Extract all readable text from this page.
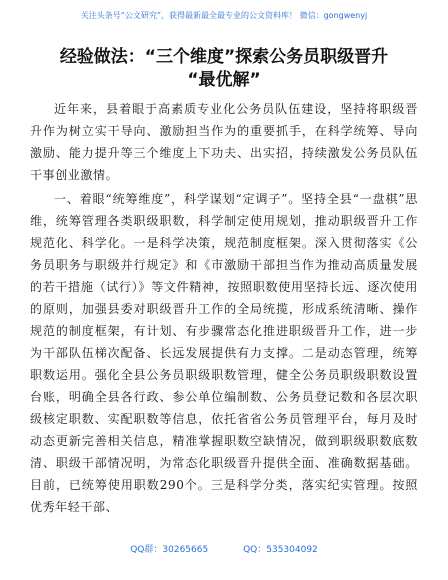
关注头条号“公文研究”，获得最新最全最专业的公文资料库！ 微信：gongwenyj
经验做法：“三个维度”探索公务员职级晋升
“最优解”

近年来，县着眼于高素质专业化公务员队伍建设，坚持将职级晋升作为树立实干导向、激励担当作为的重要抓手，在科学统筹、导向激励、能力提升等三个维度上下功夫、出实招，持续激发公务员队伍干事创业激情。

一、着眼“统筹维度”，科学谋划“定调子”。坚持全县“一盘棋”思维，统筹管理各类职级职数，科学制定使用规划，推动职级晋升工作规范化、科学化。一是科学决策，规范制度框架。深入贯彻落实《公务员职务与职级并行规定》和《市激励干部担当作为推动高质量发展的若干措施（试行）》等文件精神，按照职数使用坚持长远、逐次使用的原则，加强县委对职级晋升工作的全局统揽，形成系统清晰、操作规范的制度框架，有计划、有步骤常态化推进职级晋升工作，进一步为干部队伍梯次配备、长远发展提供有力支撑。二是动态管理，统筹职数运用。强化全县公务员职级职数管理，健全公务员职级职数设置台账，明确全县各行政、参公单位编制数、公务员登记数和各层次职级核定职数、实配职数等信息，依托省省公务员管理平台，每月及时动态更新完善相关信息，精准掌握职数空缺情况，做到职级职数底数清、职级干部情况明，为常态化职级晋升提供全面、准确数据基础。目前，已统筹使用职数290个。三是科学分类，落实纪实管理。按照优秀年轻干部、

QQ群：30265665	QQ：535304092
